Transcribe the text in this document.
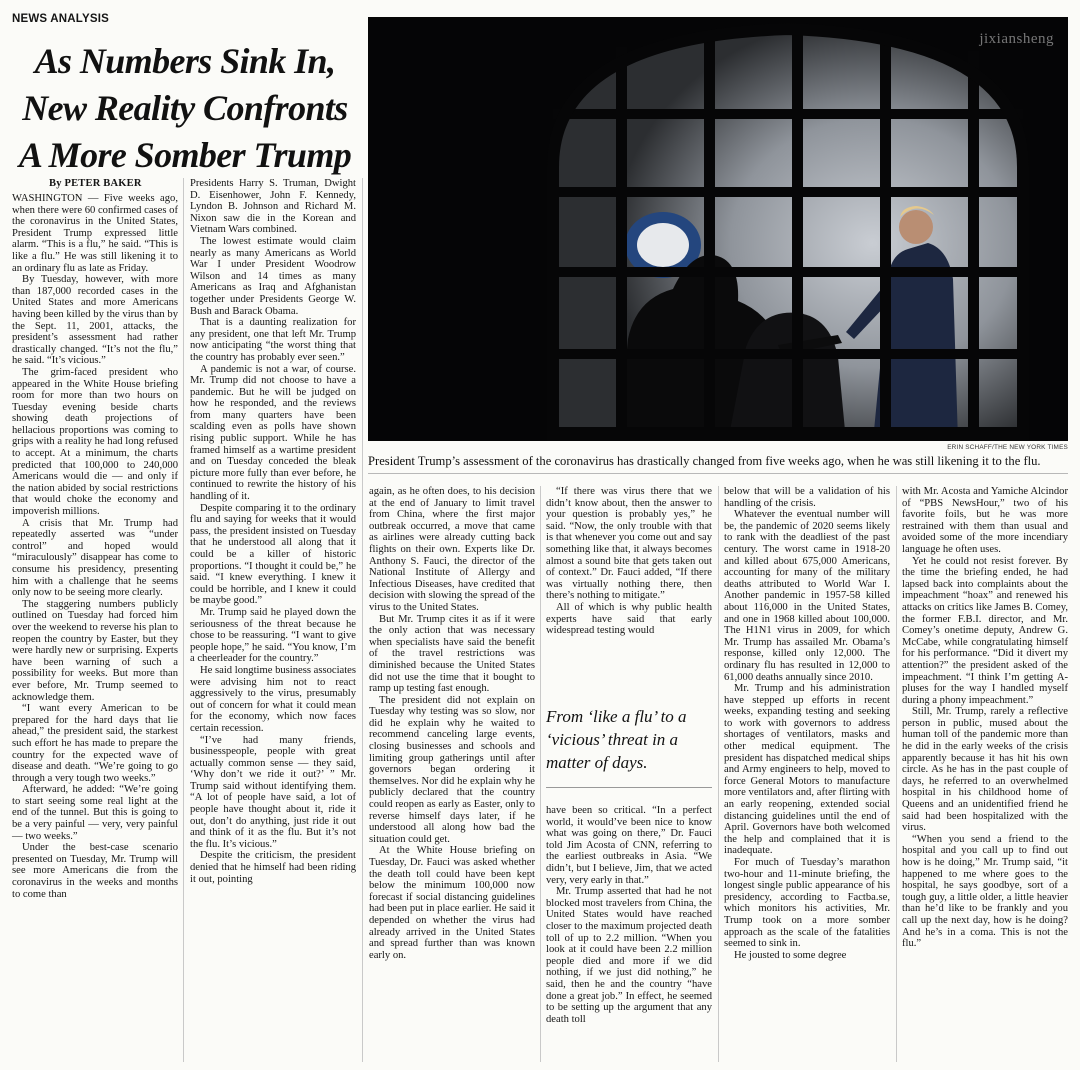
NEWS ANALYSIS
As Numbers Sink In,
New Reality Confronts
A More Somber Trump
By PETER BAKER

WASHINGTON — Five weeks ago, when there were 60 confirmed cases of the coronavirus in the United States, President Trump expressed little alarm. “This is a flu,” he said. “This is like a flu.” He was still likening it to an ordinary flu as late as Friday.

By Tuesday, however, with more than 187,000 recorded cases in the United States and more Americans having been killed by the virus than by the Sept. 11, 2001, attacks, the president’s assessment had rather drastically changed. “It’s not the flu,” he said. “It’s vicious.”

The grim-faced president who appeared in the White House briefing room for more than two hours on Tuesday evening beside charts showing death projections of hellacious proportions was coming to grips with a reality he had long refused to accept. At a minimum, the charts predicted that 100,000 to 240,000 Americans would die — and only if the nation abided by social restrictions that would choke the economy and impoverish millions.

A crisis that Mr. Trump had repeatedly asserted was “under control” and hoped would “miraculously” disappear has come to consume his presidency, presenting him with a challenge that he seems only now to be seeing more clearly.

The staggering numbers publicly outlined on Tuesday had forced him over the weekend to reverse his plan to reopen the country by Easter, but they were hardly new or surprising. Experts have been warning of such a possibility for weeks. But more than ever before, Mr. Trump seemed to acknowledge them.

“I want every American to be prepared for the hard days that lie ahead,” the president said, the starkest such effort he has made to prepare the country for the expected wave of disease and death. “We’re going to go through a very tough two weeks.”

Afterward, he added: “We’re going to start seeing some real light at the end of the tunnel. But this is going to be a very painful — very, very painful — two weeks.”

Under the best-case scenario presented on Tuesday, Mr. Trump will see more Americans die from the coronavirus in the weeks and months to come than

Presidents Harry S. Truman, Dwight D. Eisenhower, John F. Kennedy, Lyndon B. Johnson and Richard M. Nixon saw die in the Korean and Vietnam Wars combined.

The lowest estimate would claim nearly as many Americans as World War I under President Woodrow Wilson and 14 times as many Americans as Iraq and Afghanistan together under Presidents George W. Bush and Barack Obama.

That is a daunting realization for any president, one that left Mr. Trump now anticipating “the worst thing that the country has probably ever seen.”

A pandemic is not a war, of course. Mr. Trump did not choose to have a pandemic. But he will be judged on how he responded, and the reviews from many quarters have been scalding even as polls have shown rising public support. While he has framed himself as a wartime president and on Tuesday conceded the bleak picture more fully than ever before, he continued to rewrite the history of his handling of it.

Despite comparing it to the ordinary flu and saying for weeks that it would pass, the president insisted on Tuesday that he understood all along that it could be a killer of historic proportions. “I thought it could be,” he said. “I knew everything. I knew it could be horrible, and I knew it could be maybe good.”

Mr. Trump said he played down the seriousness of the threat because he chose to be reassuring. “I want to give people hope,” he said. “You know, I’m a cheerleader for the country.”

He said longtime business associates were advising him not to react aggressively to the virus, presumably out of concern for what it could mean for the economy, which now faces certain recession.

“I’ve had many friends, businesspeople, people with great actually common sense — they said, ‘Why don’t we ride it out?’ ” Mr. Trump said without identifying them. “A lot of people have said, a lot of people have thought about it, ride it out, don’t do anything, just ride it out and think of it as the flu. But it’s not the flu. It’s vicious.”

Despite the criticism, the president denied that he himself had been riding it out, pointing

jixiansheng
ERIN SCHAFF/THE NEW YORK TIMES
President Trump’s assessment of the coronavirus has drastically changed from five weeks ago, when he was still likening it to the flu.

again, as he often does, to his decision at the end of January to limit travel from China, where the first major outbreak occurred, a move that came as airlines were already cutting back flights on their own. Experts like Dr. Anthony S. Fauci, the director of the National Institute of Allergy and Infectious Diseases, have credited that decision with slowing the spread of the virus to the United States.

But Mr. Trump cites it as if it were the only action that was necessary when specialists have said the benefit of the travel restrictions was diminished because the United States did not use the time that it bought to ramp up testing fast enough.

The president did not explain on Tuesday why testing was so slow, nor did he explain why he waited to recommend canceling large events, closing businesses and schools and limiting group gatherings until after governors began ordering it themselves. Nor did he explain why he publicly declared that the country could reopen as early as Easter, only to reverse himself days later, if he understood all along how bad the situation could get.

At the White House briefing on Tuesday, Dr. Fauci was asked whether the death toll could have been kept below the minimum 100,000 now forecast if social distancing guidelines had been put in place earlier. He said it depended on whether the virus had already arrived in the United States and spread further than was known early on.

“If there was virus there that we didn’t know about, then the answer to your question is probably yes,” he said. “Now, the only trouble with that is that whenever you come out and say something like that, it always becomes almost a sound bite that gets taken out of context.” Dr. Fauci added, “If there was virtually nothing there, then there’s nothing to mitigate.”

All of which is why public health experts have said that early widespread testing would

From ‘like a flu’ to a ‘vicious’ threat in a matter of days.

have been so critical. “In a perfect world, it would’ve been nice to know what was going on there,” Dr. Fauci told Jim Acosta of CNN, referring to the earliest outbreaks in Asia. “We didn’t, but I believe, Jim, that we acted very, very early in that.”

Mr. Trump asserted that had he not blocked most travelers from China, the United States would have reached closer to the maximum projected death toll of up to 2.2 million. “When you look at it could have been 2.2 million people died and more if we did nothing, if we just did nothing,” he said, then he and the country “have done a great job.” In effect, he seemed to be setting up the argument that any death toll

below that will be a validation of his handling of the crisis.

Whatever the eventual number will be, the pandemic of 2020 seems likely to rank with the deadliest of the past century. The worst came in 1918-20 and killed about 675,000 Americans, accounting for many of the military deaths attributed to World War I. Another pandemic in 1957-58 killed about 116,000 in the United States, and one in 1968 killed about 100,000. The H1N1 virus in 2009, for which Mr. Trump has assailed Mr. Obama’s response, killed only 12,000. The ordinary flu has resulted in 12,000 to 61,000 deaths annually since 2010.

Mr. Trump and his administration have stepped up efforts in recent weeks, expanding testing and seeking to work with governors to address shortages of ventilators, masks and other medical equipment. The president has dispatched medical ships and Army engineers to help, moved to force General Motors to manufacture more ventilators and, after flirting with an early reopening, extended social distancing guidelines until the end of April. Governors have both welcomed the help and complained that it is inadequate.

For much of Tuesday’s marathon two-hour and 11-minute briefing, the longest single public appearance of his presidency, according to Factba.se, which monitors his activities, Mr. Trump took on a more somber approach as the scale of the fatalities seemed to sink in.

He jousted to some degree

with Mr. Acosta and Yamiche Alcindor of “PBS NewsHour,” two of his favorite foils, but he was more restrained with them than usual and avoided some of the more incendiary language he often uses.

Yet he could not resist forever. By the time the briefing ended, he had lapsed back into complaints about the impeachment “hoax” and renewed his attacks on critics like James B. Comey, the former F.B.I. director, and Mr. Comey’s onetime deputy, Andrew G. McCabe, while congratulating himself for his performance. “Did it divert my attention?” the president asked of the impeachment. “I think I’m getting A-pluses for the way I handled myself during a phony impeachment.”

Still, Mr. Trump, rarely a reflective person in public, mused about the human toll of the pandemic more than he did in the early weeks of the crisis apparently because it has hit his own circle. As he has in the past couple of days, he referred to an overwhelmed hospital in his childhood home of Queens and an unidentified friend he said had been hospitalized with the virus.

“When you send a friend to the hospital and you call up to find out how is he doing,” Mr. Trump said, “it happened to me where goes to the hospital, he says goodbye, sort of a tough guy, a little older, a little heavier than he’d like to be frankly and you call up the next day, how is he doing? And he’s in a coma. This is not the flu.”
